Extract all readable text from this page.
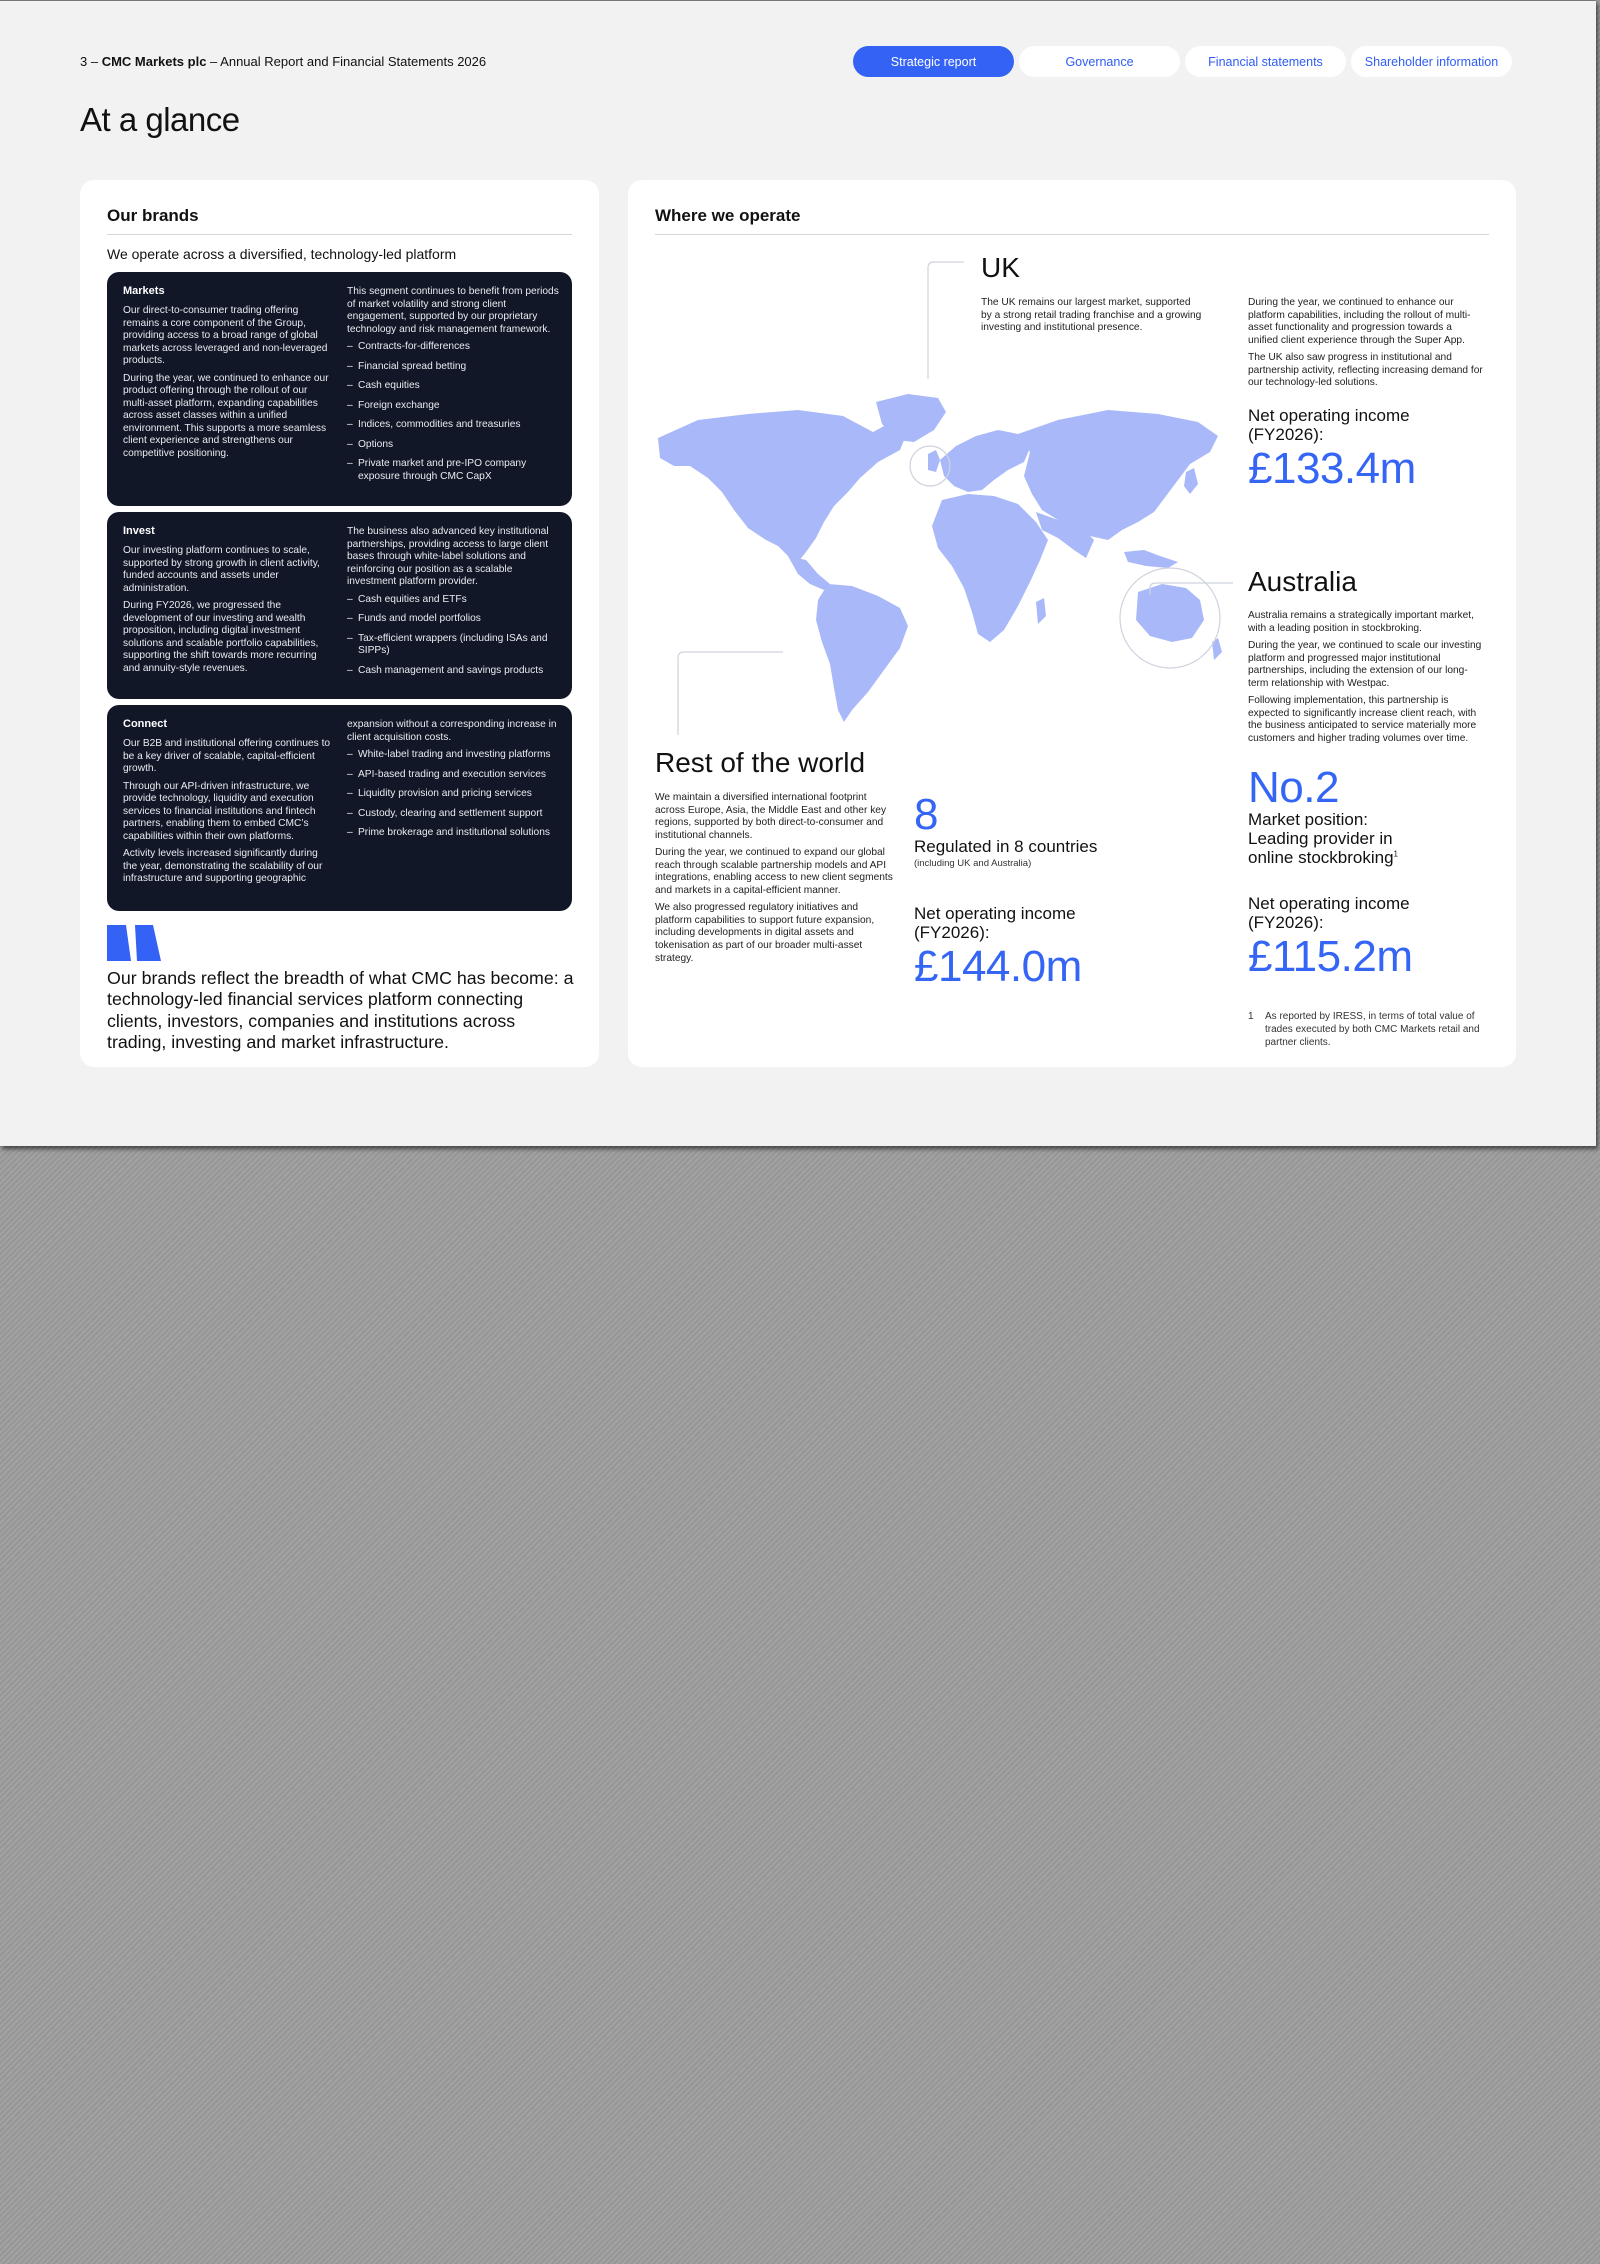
3 – CMC Markets plc – Annual Report and Financial Statements 2026	Strategic report	Governance	Financial statements	Shareholder information
At a glance
Our brands
We operate across a diversified, technology-led platform
Markets

Our direct-to-consumer trading offering remains a core component of the Group, providing access to a broad range of global markets across leveraged and non-leveraged products.

During the year, we continued to enhance our product offering through the rollout of our multi-asset platform, expanding capabilities across asset classes within a unified environment. This supports a more seamless client experience and strengthens our competitive positioning.

This segment continues to benefit from periods of market volatility and strong client engagement, supported by our proprietary technology and risk management framework.

– Contracts-for-differences
– Financial spread betting
– Cash equities
– Foreign exchange
– Indices, commodities and treasuries
– Options
– Private market and pre-IPO company exposure through CMC CapX
Invest

Our investing platform continues to scale, supported by strong growth in client activity, funded accounts and assets under administration.

During FY2026, we progressed the development of our investing and wealth proposition, including digital investment solutions and scalable portfolio capabilities, supporting the shift towards more recurring and annuity-style revenues.

The business also advanced key institutional partnerships, providing access to large client bases through white-label solutions and reinforcing our position as a scalable investment platform provider.

– Cash equities and ETFs
– Funds and model portfolios
– Tax-efficient wrappers (including ISAs and SIPPs)
– Cash management and savings products
Connect

Our B2B and institutional offering continues to be a key driver of scalable, capital-efficient growth.

Through our API-driven infrastructure, we provide technology, liquidity and execution services to financial institutions and fintech partners, enabling them to embed CMC’s capabilities within their own platforms.

Activity levels increased significantly during the year, demonstrating the scalability of our infrastructure and supporting geographic

expansion without a corresponding increase in client acquisition costs.

– White-label trading and investing platforms
– API-based trading and execution services
– Liquidity provision and pricing services
– Custody, clearing and settlement support
– Prime brokerage and institutional solutions
Our brands reflect the breadth of what CMC has become: a technology-led financial services platform connecting clients, investors, companies and institutions across trading, investing and market infrastructure.
Where we operate
UK
The UK remains our largest market, supported by a strong retail trading franchise and a growing investing and institutional presence.

During the year, we continued to enhance our platform capabilities, including the rollout of multi-asset functionality and progression towards a unified client experience through the Super App.

The UK also saw progress in institutional and partnership activity, reflecting increasing demand for our technology-led solutions.

Net operating income (FY2026):
£133.4m
Australia

Australia remains a strategically important market, with a leading position in stockbroking.

During the year, we continued to scale our investing platform and progressed major institutional partnerships, including the extension of our long-term relationship with Westpac.

Following implementation, this partnership is expected to significantly increase client reach, with the business anticipated to service materially more customers and higher trading volumes over time.

No.2
Market position: Leading provider in online stockbroking$^1$
Net operating income (FY2026):
£115.2m
Rest of the world

We maintain a diversified international footprint across Europe, Asia, the Middle East and other key regions, supported by both direct-to-consumer and institutional channels.

During the year, we continued to expand our global reach through scalable partnership models and API integrations, enabling access to new client segments and markets in a capital-efficient manner.

We also progressed regulatory initiatives and platform capabilities to support future expansion, including developments in digital assets and tokenisation as part of our broader multi-asset strategy.

8
Regulated in 8 countries
(including UK and Australia)
Net operating income (FY2026):
£144.0m
1 As reported by IRESS, in terms of total value of trades executed by both CMC Markets retail and partner clients.
